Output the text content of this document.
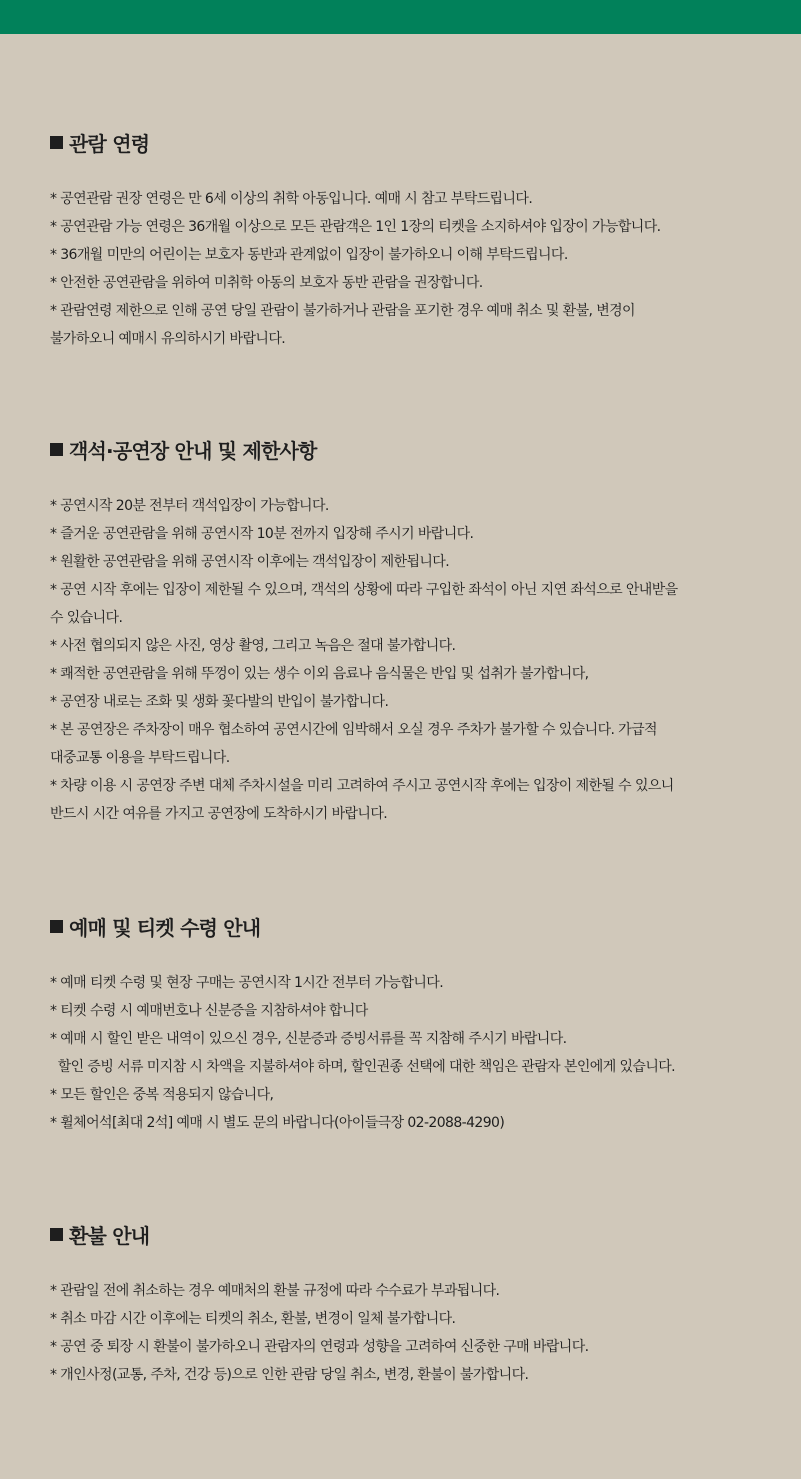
관람 연령
* 공연관람 권장 연령은 만 6세 이상의 취학 아동입니다. 예매 시 참고 부탁드립니다.
* 공연관람 가능 연령은 36개월 이상으로 모든 관람객은 1인 1장의 티켓을 소지하셔야 입장이 가능합니다.
* 36개월 미만의 어린이는 보호자 동반과 관계없이 입장이 불가하오니 이해 부탁드립니다.
* 안전한 공연관람을 위하여 미취학 아동의 보호자 동반 관람을 권장합니다.
* 관람연령 제한으로 인해 공연 당일 관람이 불가하거나 관람을 포기한 경우 예매 취소 및 환불, 변경이
불가하오니 예매시 유의하시기 바랍니다.
객석·공연장 안내 및 제한사항
* 공연시작 20분 전부터 객석입장이 가능합니다.
* 즐거운 공연관람을 위해 공연시작 10분 전까지 입장해 주시기 바랍니다.
* 원활한 공연관람을 위해 공연시작 이후에는 객석입장이 제한됩니다.
* 공연 시작 후에는 입장이 제한될 수 있으며, 객석의 상황에 따라 구입한 좌석이 아닌 지연 좌석으로 안내받을
수 있습니다.
* 사전 협의되지 않은 사진, 영상 촬영, 그리고 녹음은 절대 불가합니다.
* 쾌적한 공연관람을 위해 뚜껑이 있는 생수 이외 음료나 음식물은 반입 및 섭취가 불가합니다,
* 공연장 내로는 조화 및 생화 꽃다발의 반입이 불가합니다.
* 본 공연장은 주차장이 매우 협소하여 공연시간에 임박해서 오실 경우 주차가 불가할 수 있습니다. 가급적
대중교통 이용을 부탁드립니다.
* 차량 이용 시 공연장 주변 대체 주차시설을 미리 고려하여 주시고 공연시작 후에는 입장이 제한될 수 있으니
반드시 시간 여유를 가지고 공연장에 도착하시기 바랍니다.
예매 및 티켓 수령 안내
* 예매 티켓 수령 및 현장 구매는 공연시작 1시간 전부터 가능합니다.
* 티켓 수령 시 예매번호나 신분증을 지참하셔야 합니다
* 예매 시 할인 받은 내역이 있으신 경우, 신분증과 증빙서류를 꼭 지참해 주시기 바랍니다.
할인 증빙 서류 미지참 시 차액을 지불하셔야 하며, 할인권종 선택에 대한 책임은 관람자 본인에게 있습니다.
* 모든 할인은 중복 적용되지 않습니다,
* 휠체어석[최대 2석] 예매 시 별도 문의 바랍니다(아이들극장 02-2088-4290)
환불 안내
* 관람일 전에 취소하는 경우 예매처의 환불 규정에 따라 수수료가 부과됩니다.
* 취소 마감 시간 이후에는 티켓의 취소, 환불, 변경이 일체 불가합니다.
* 공연 중 퇴장 시 환불이 불가하오니 관람자의 연령과 성향을 고려하여 신중한 구매 바랍니다.
* 개인사정(교통, 주차, 건강 등)으로 인한 관람 당일 취소, 변경, 환불이 불가합니다.
